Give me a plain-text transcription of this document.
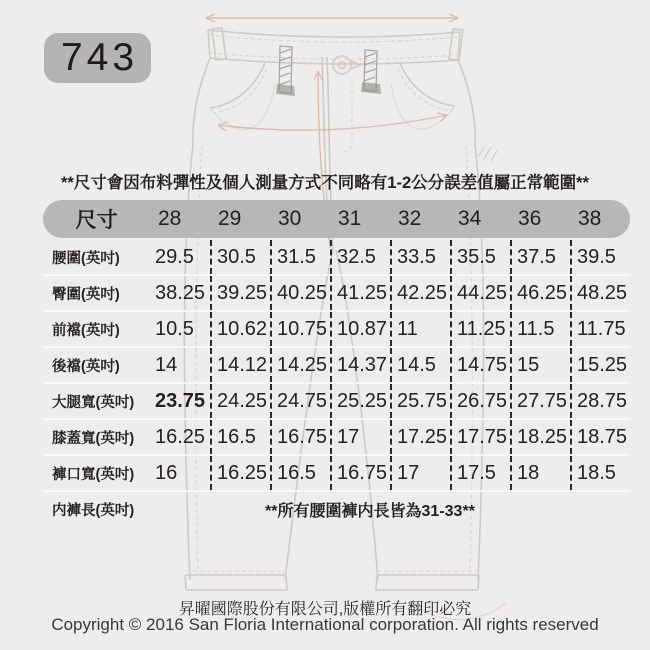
743
**尺寸會因布料彈性及個人測量方式不同略有1-2公分誤差值屬正常範圍**
尺寸	28	29	30	31	32	34	36	38
腰圍(英吋)	29.5	30.5	31.5	32.5	33.5	35.5	37.5	39.5
臀圍(英吋)	38.25 39.25 40.25 41.25 42.25 44.25 46.25 48.25
前襠(英吋)	10.5	10.62 10.75 10.87 11	11.25 11.5	11.75
後襠(英吋)	14	14.12 14.25 14.37 14.5	14.75 15	15.25
大腿寬(英吋)	23.75 24.25 24.75 25.25 25.75 26.75 27.75 28.75
膝蓋寬(英吋)	16.25 16.5	16.75 17	17.25 17.75 18.25 18.75
褲口寬(英吋)	16	16.25 16.5	16.75 17	17.5	18	18.5
内褲長(英吋)	**所有腰圍褲内長皆為31-33**
昇曜國際股份有限公司,版權所有翻印必究
Copyright © 2016 San Floria International corporation. All rights reserved
